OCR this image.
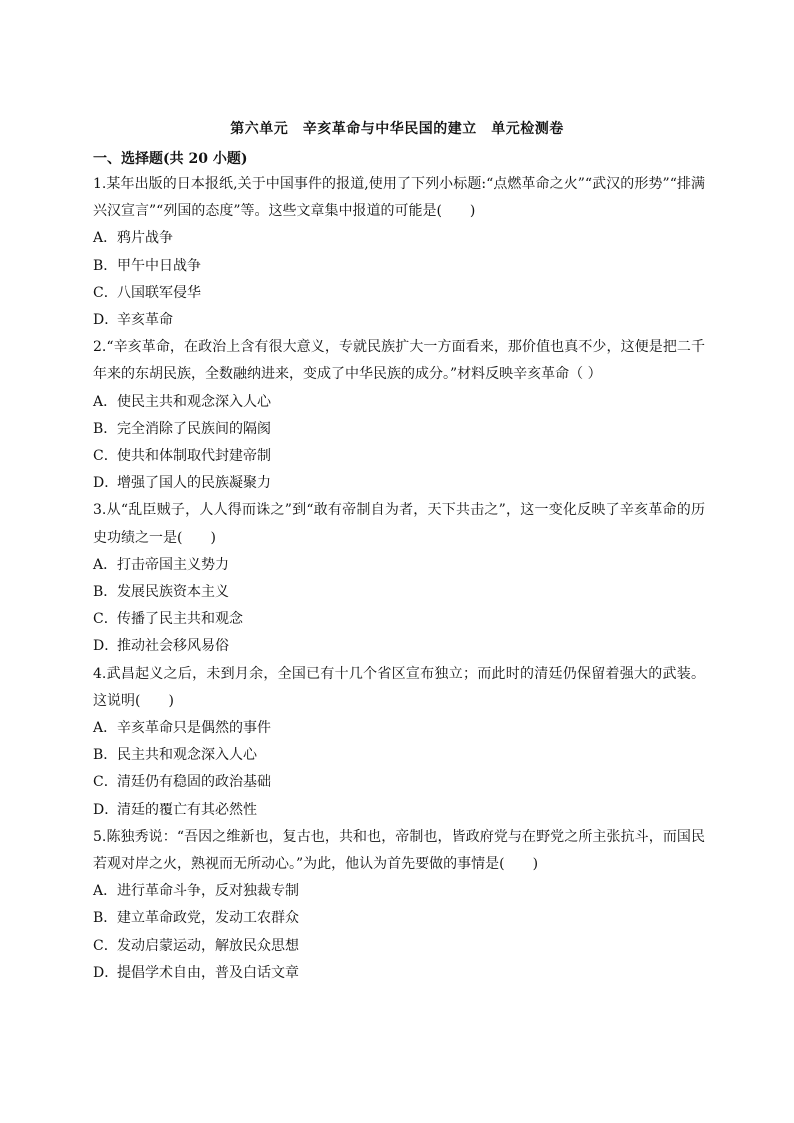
第六单元　辛亥革命与中华民国的建立　单元检测卷
一、选择题(共 20 小题)
1.某年出版的日本报纸,关于中国事件的报道,使用了下列小标题:“点燃革命之火”“武汉的形势”“排满兴汉宣言”“列国的态度”等。这些文章集中报道的可能是(　　)
A．鸦片战争
B．甲午中日战争
C．八国联军侵华
D．辛亥革命
2.“辛亥革命，在政治上含有很大意义，专就民族扩大一方面看来，那价值也真不少，这便是把二千年来的东胡民族，全数融纳进来，变成了中华民族的成分。”材料反映辛亥革命（ ）
A．使民主共和观念深入人心
B．完全消除了民族间的隔阂
C．使共和体制取代封建帝制
D．增强了国人的民族凝聚力
3.从“乱臣贼子，人人得而诛之”到“敢有帝制自为者，天下共击之”，这一变化反映了辛亥革命的历史功绩之一是(　　)
A．打击帝国主义势力
B．发展民族资本主义
C．传播了民主共和观念
D．推动社会移风易俗
4.武昌起义之后，未到月余，全国已有十几个省区宣布独立；而此时的清廷仍保留着强大的武装。这说明(　　)
A．辛亥革命只是偶然的事件
B．民主共和观念深入人心
C．清廷仍有稳固的政治基础
D．清廷的覆亡有其必然性
5.陈独秀说：“吾因之维新也，复古也，共和也，帝制也，皆政府党与在野党之所主张抗斗，而国民若观对岸之火，熟视而无所动心。”为此，他认为首先要做的事情是(　　)
A．进行革命斗争，反对独裁专制
B．建立革命政党，发动工农群众
C．发动启蒙运动，解放民众思想
D．提倡学术自由，普及白话文章
